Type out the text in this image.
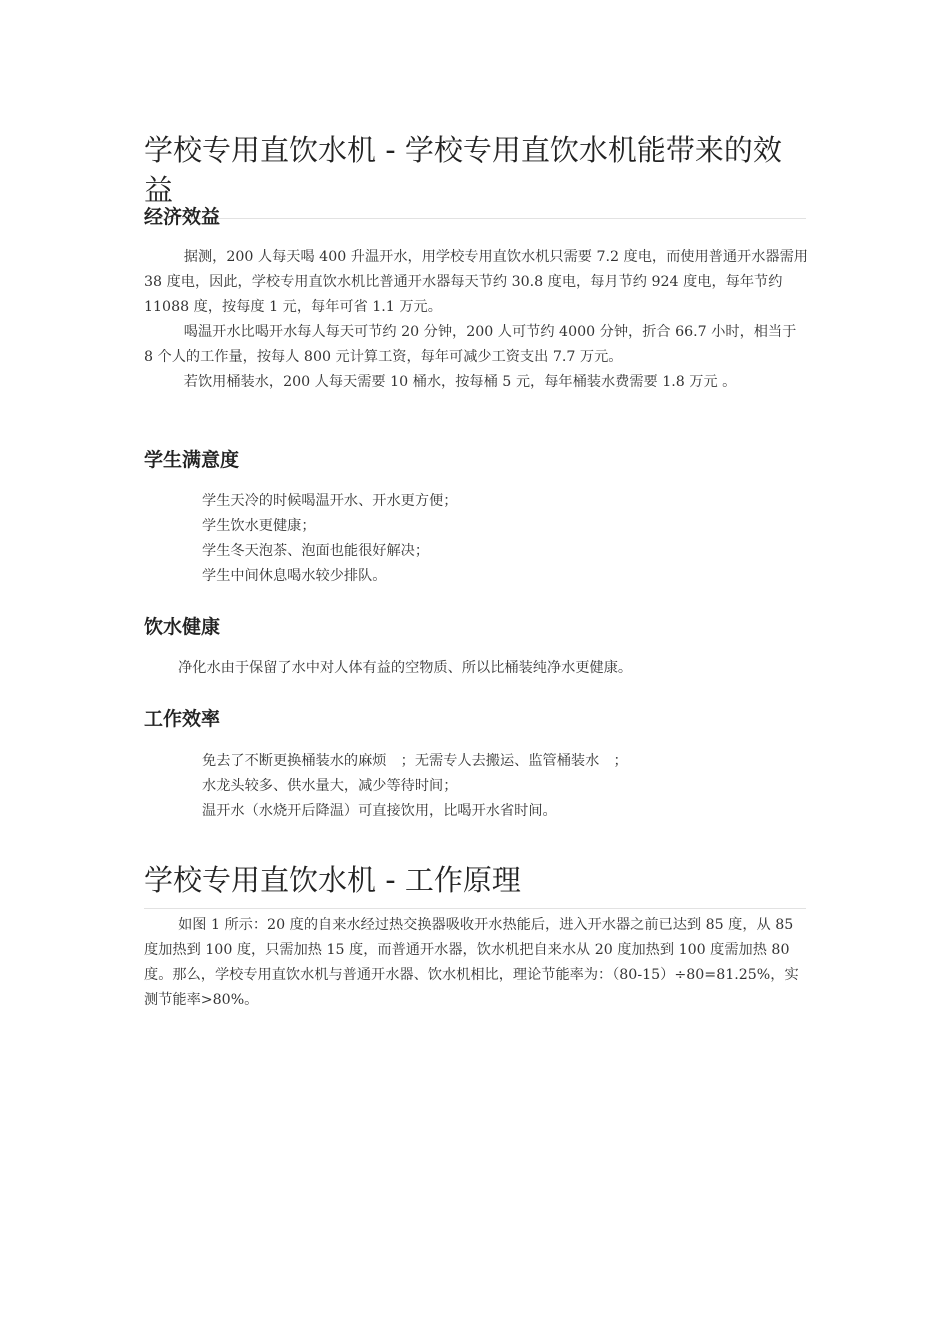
学校专用直饮水机 - 学校专用直饮水机能带来的效益
经济效益

据测，200 人每天喝 400 升温开水，用学校专用直饮水机只需要 7.2 度电，而使用普通开水器需用 38 度电，因此，学校专用直饮水机比普通开水器每天节约 30.8 度电，每月节约 924 度电，每年节约 11088 度，按每度 1 元，每年可省 1.1 万元。

喝温开水比喝开水每人每天可节约 20 分钟，200 人可节约 4000 分钟，折合 66.7 小时，相当于 8 个人的工作量，按每人 800 元计算工资，每年可减少工资支出 7.7 万元。

若饮用桶装水，200 人每天需要 10 桶水，按每桶 5 元，每年桶装水费需要 1.8 万元 。

学生满意度

学生天冷的时候喝温开水、开水更方便；

学生饮水更健康；

学生冬天泡茶、泡面也能很好解决；

学生中间休息喝水较少排队。

饮水健康

净化水由于保留了水中对人体有益的空物质、所以比桶装纯净水更健康。

工作效率

免去了不断更换桶装水的麻烦　；无需专人去搬运、监管桶装水　；

水龙头较多、供水量大，减少等待时间；

温开水（水烧开后降温）可直接饮用，比喝开水省时间。

学校专用直饮水机 - 工作原理

如图 1 所示：20 度的自来水经过热交换器吸收开水热能后，进入开水器之前已达到 85 度，从 85 度加热到 100 度，只需加热 15 度，而普通开水器，饮水机把自来水从 20 度加热到 100 度需加热 80 度。那么，学校专用直饮水机与普通开水器、饮水机相比，理论节能率为：（80-15）÷80=81.25%，实测节能率>80%。
